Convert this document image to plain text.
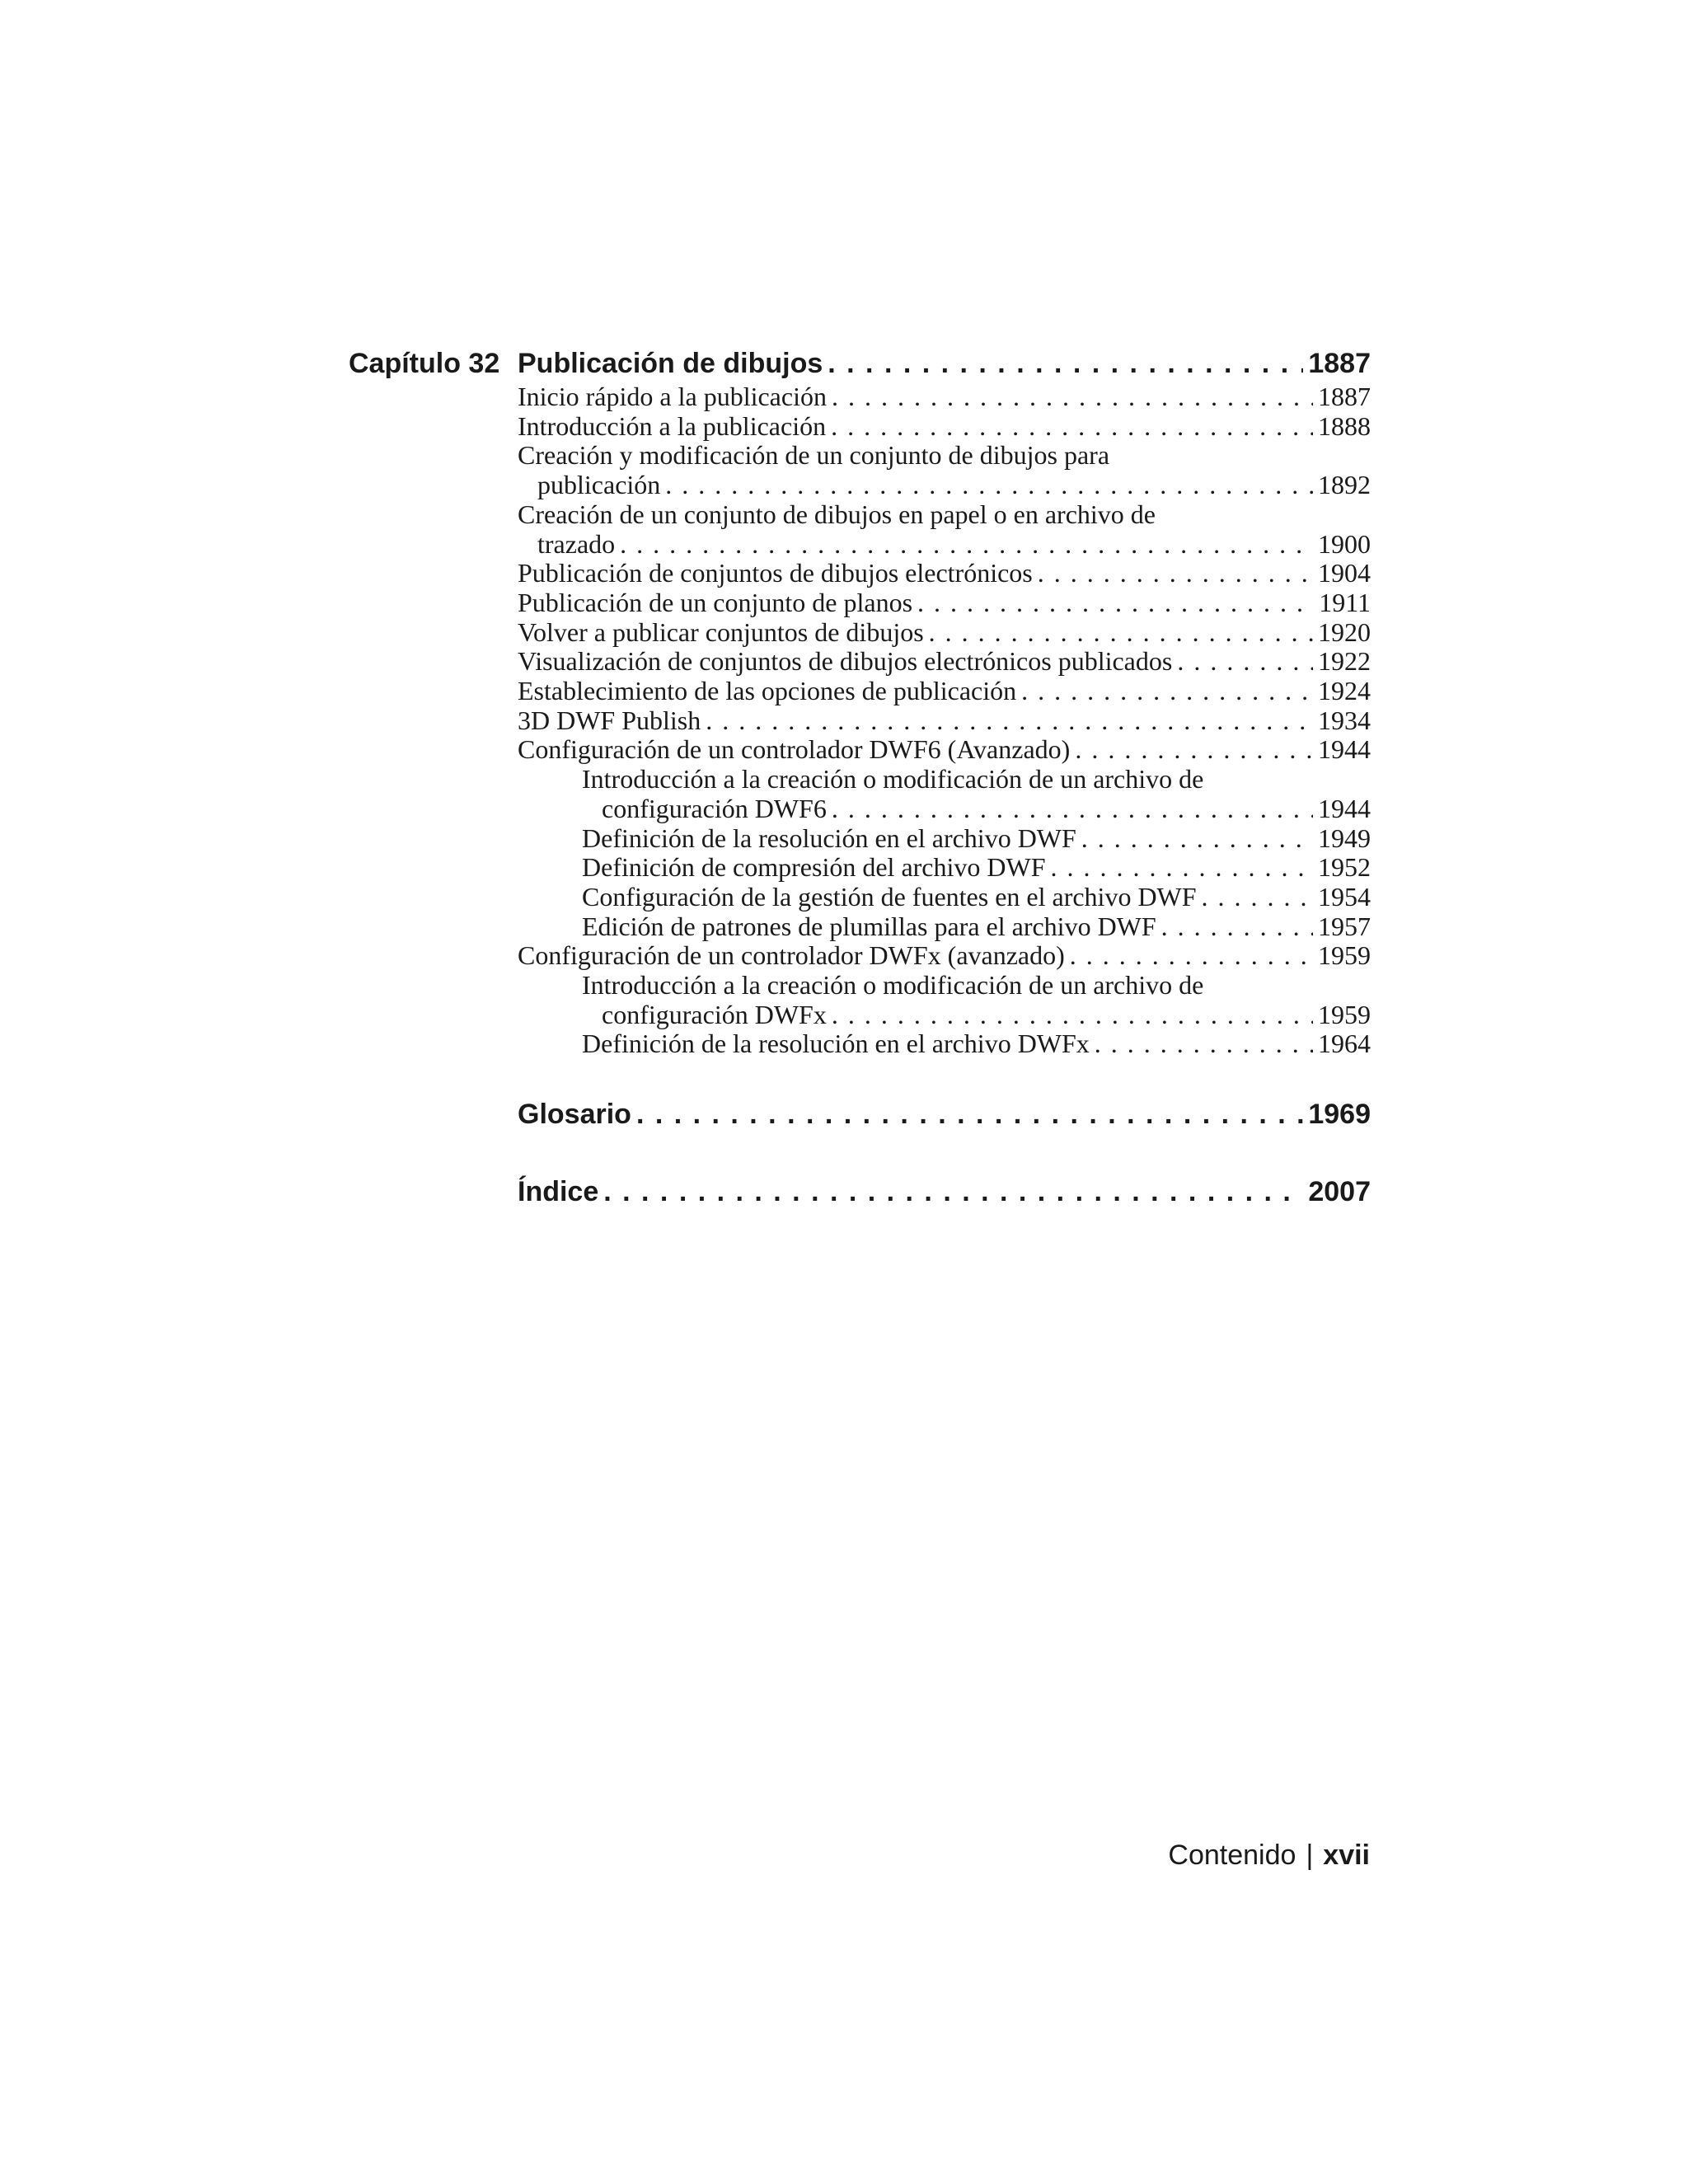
Capítulo 32 Publicación de dibujos . . .	1887
Inicio rápido a la publicación . . .	1887
Introducción a la publicación . . .	1888
Creación y modificación de un conjunto de dibujos para
publicación . . .	1892
Creación de un conjunto de dibujos en papel o en archivo de
trazado . . .	1900
Publicación de conjuntos de dibujos electrónicos . . .	1904
Publicación de un conjunto de planos . . .	1911
Volver a publicar conjuntos de dibujos . . .	1920
Visualización de conjuntos de dibujos electrónicos publicados . . .	1922
Establecimiento de las opciones de publicación . . .	1924
3D DWF Publish . . .	1934
Configuración de un controlador DWF6 (Avanzado) . . .	1944
Introducción a la creación o modificación de un archivo de
configuración DWF6 . . .	1944
Definición de la resolución en el archivo DWF . . .	1949
Definición de compresión del archivo DWF . . .	1952
Configuración de la gestión de fuentes en el archivo DWF . . .	1954
Edición de patrones de plumillas para el archivo DWF . . .	1957
Configuración de un controlador DWFx (avanzado) . . .	1959
Introducción a la creación o modificación de un archivo de
configuración DWFx . . .	1959
Definición de la resolución en el archivo DWFx . . .	1964
Glosario . . .	1969
Índice . . .	2007
Contenido | xvii
